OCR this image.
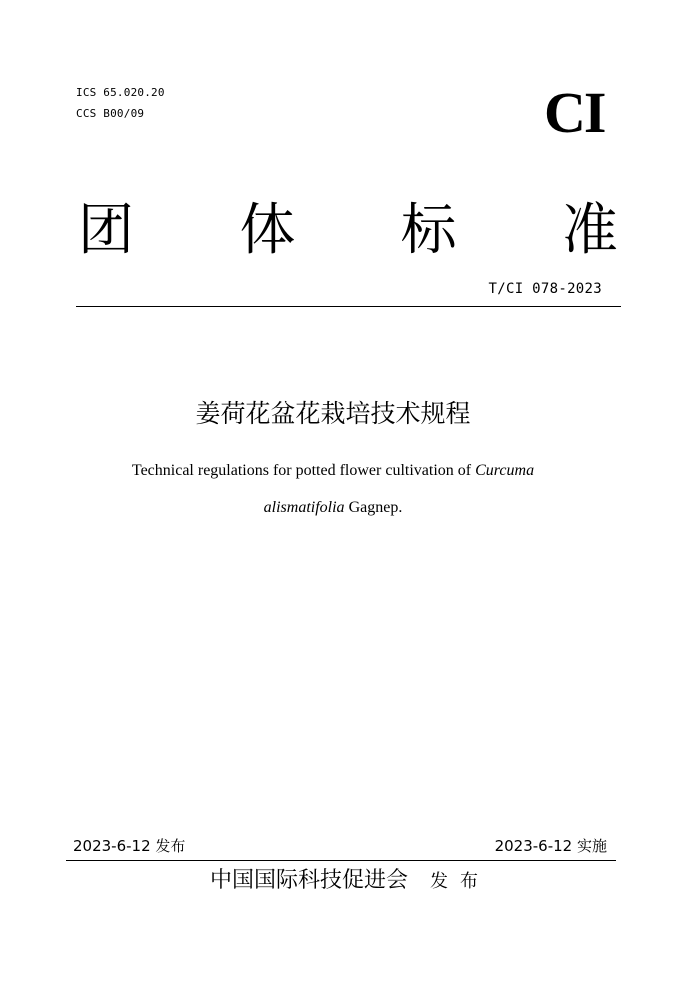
ICS 65.020.20
CCS B00/09	CI
团 体 标 准
T/CI 078-2023
姜荷花盆花栽培技术规程
Technical regulations for potted flower cultivation of Curcuma
alismatifolia Gagnep.
2023-6-12 发布	2023-6-12 实施
中国国际科技促进会 发布
